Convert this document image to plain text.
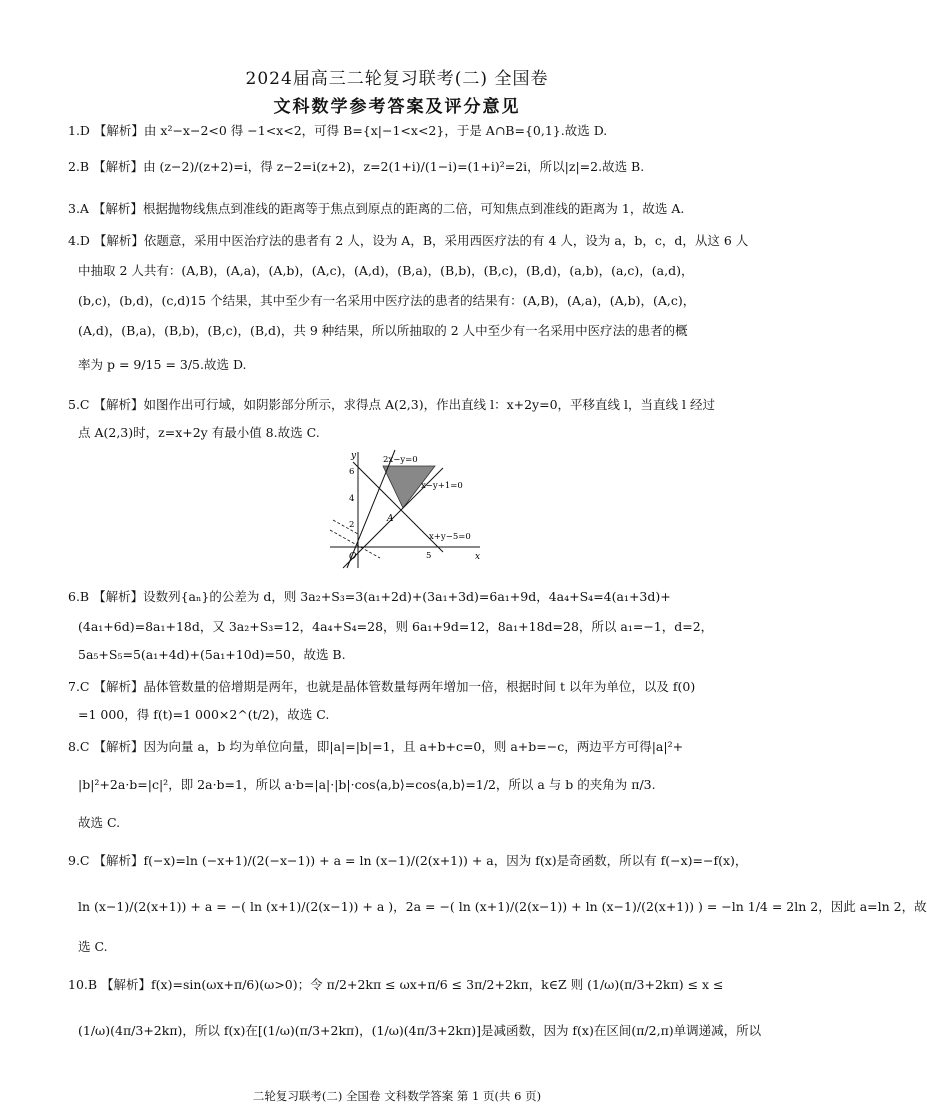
2024届高三二轮复习联考(二) 全国卷
文科数学参考答案及评分意见
1.D 【解析】由 x²−x−2<0 得 −1<x<2，可得 B={x|−1<x<2}，于是 A∩B={0,1}.故选 D.
2.B 【解析】由 (z−2)/(z+2)=i，得 z−2=i(z+2)，z=2(1+i)/(1−i)=(1+i)²=2i，所以|z|=2.故选 B.
3.A 【解析】根据抛物线焦点到准线的距离等于焦点到原点的距离的二倍，可知焦点到准线的距离为 1，故选 A.
4.D 【解析】依题意，采用中医治疗法的患者有 2 人，设为 A，B，采用西医疗法的有 4 人，设为 a，b，c，d，从这 6 人
中抽取 2 人共有：(A,B)，(A,a)，(A,b)，(A,c)，(A,d)，(B,a)，(B,b)，(B,c)，(B,d)，(a,b)，(a,c)，(a,d)，
(b,c)，(b,d)，(c,d)15 个结果，其中至少有一名采用中医疗法的患者的结果有：(A,B)，(A,a)，(A,b)，(A,c)，
(A,d)，(B,a)，(B,b)，(B,c)，(B,d)，共 9 种结果，所以所抽取的 2 人中至少有一名采用中医疗法的患者的概
率为 p = 9/15 = 3/5.故选 D.
5.C 【解析】如图作出可行域，如阴影部分所示，求得点 A(2,3)，作出直线 l：x+2y=0，平移直线 l，当直线 l 经过
点 A(2,3)时，z=x+2y 有最小值 8.故选 C.
y
x
O
A
2x−y=0
x−y+1=0
x+y−5=0
6
4
2
5
6.B 【解析】设数列{aₙ}的公差为 d，则 3a₂+S₃=3(a₁+2d)+(3a₁+3d)=6a₁+9d，4a₄+S₄=4(a₁+3d)+
(4a₁+6d)=8a₁+18d，又 3a₂+S₃=12，4a₄+S₄=28，则 6a₁+9d=12，8a₁+18d=28，所以 a₁=−1，d=2，
5a₅+S₅=5(a₁+4d)+(5a₁+10d)=50，故选 B.
7.C 【解析】晶体管数量的倍增期是两年，也就是晶体管数量每两年增加一倍，根据时间 t 以年为单位，以及 f(0)
=1 000，得 f(t)=1 000×2^(t/2)，故选 C.
8.C 【解析】因为向量 a，b 均为单位向量，即|a|=|b|=1，且 a+b+c=0，则 a+b=−c，两边平方可得|a|²+
|b|²+2a·b=|c|²，即 2a·b=1，所以 a·b=|a|·|b|·cos⟨a,b⟩=cos⟨a,b⟩=1/2，所以 a 与 b 的夹角为 π/3.
故选 C.
9.C 【解析】f(−x)=ln (−x+1)/(2(−x−1)) + a = ln (x−1)/(2(x+1)) + a，因为 f(x)是奇函数，所以有 f(−x)=−f(x)，
ln (x−1)/(2(x+1)) + a = −( ln (x+1)/(2(x−1)) + a )，2a = −( ln (x+1)/(2(x−1)) + ln (x−1)/(2(x+1)) ) = −ln 1/4 = 2ln 2，因此 a=ln 2，故
选 C.
10.B 【解析】f(x)=sin(ωx+π/6)(ω>0)；令 π/2+2kπ ≤ ωx+π/6 ≤ 3π/2+2kπ，k∈Z 则 (1/ω)(π/3+2kπ) ≤ x ≤
(1/ω)(4π/3+2kπ)，所以 f(x)在[(1/ω)(π/3+2kπ)，(1/ω)(4π/3+2kπ)]是减函数，因为 f(x)在区间(π/2,π)单调递减，所以
二轮复习联考(二) 全国卷 文科数学答案 第 1 页(共 6 页)
